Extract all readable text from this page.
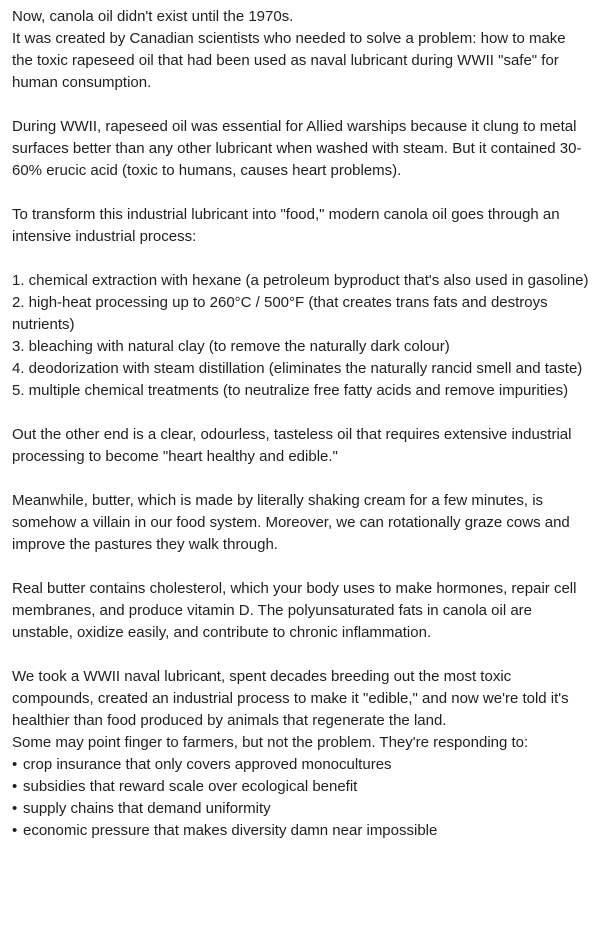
Now, canola oil didn't exist until the 1970s.
It was created by Canadian scientists who needed to solve a problem: how to make the toxic rapeseed oil that had been used as naval lubricant during WWII "safe" for human consumption.

During WWII, rapeseed oil was essential for Allied warships because it clung to metal surfaces better than any other lubricant when washed with steam. But it contained 30-60% erucic acid (toxic to humans, causes heart problems).

To transform this industrial lubricant into "food," modern canola oil goes through an intensive industrial process:

1. chemical extraction with hexane (a petroleum byproduct that's also used in gasoline)
2. high-heat processing up to 260°C / 500°F (that creates trans fats and destroys nutrients)
3. bleaching with natural clay (to remove the naturally dark colour)
4. deodorization with steam distillation (eliminates the naturally rancid smell and taste)
5. multiple chemical treatments (to neutralize free fatty acids and remove impurities)

Out the other end is a clear, odourless, tasteless oil that requires extensive industrial processing to become "heart healthy and edible."

Meanwhile, butter, which is made by literally shaking cream for a few minutes, is somehow a villain in our food system. Moreover, we can rotationally graze cows and improve the pastures they walk through.

Real butter contains cholesterol, which your body uses to make hormones, repair cell membranes, and produce vitamin D. The polyunsaturated fats in canola oil are unstable, oxidize easily, and contribute to chronic inflammation.

We took a WWII naval lubricant, spent decades breeding out the most toxic compounds, created an industrial process to make it "edible," and now we're told it's healthier than food produced by animals that regenerate the land.

Some may point finger to farmers, but not the problem. They're responding to:
• crop insurance that only covers approved monocultures
• subsidies that reward scale over ecological benefit
• supply chains that demand uniformity
• economic pressure that makes diversity damn near impossible
